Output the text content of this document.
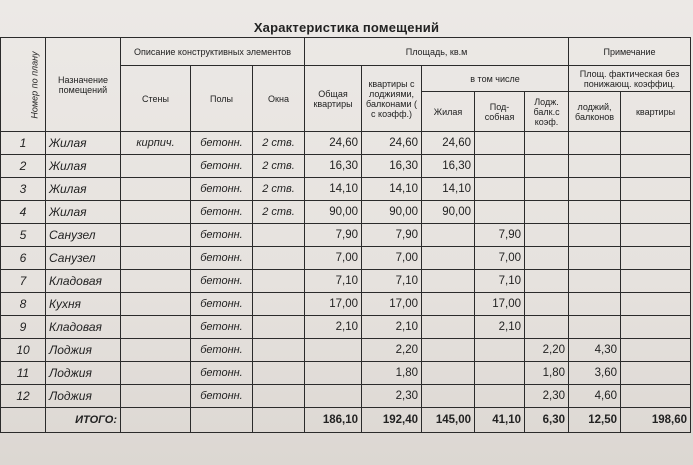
Характеристика помещений
Номер по плану	Назначение помещений	Описание конструктивных элементов			Площадь, кв.м					Примечание	
		Стены	Полы	Окна	Общая квартиры	квартиры с лоджиями, балконами ( с коэфф.)	в том числе			Площ. фактическая без понижающ. коэффиц.	
							Жилая	Под-собная	Лодж. балк.с коэф.	лоджий, балконов	квартиры
1	Жилая	кирпич.	бетонн.	2 ств.	24,60	24,60	24,60				
2	Жилая		бетонн.	2 ств.	16,30	16,30	16,30				
3	Жилая		бетонн.	2 ств.	14,10	14,10	14,10				
4	Жилая		бетонн.	2 ств.	90,00	90,00	90,00				
5	Санузел		бетонн.		7,90	7,90		7,90			
6	Санузел		бетонн.		7,00	7,00		7,00			
7	Кладовая		бетонн.		7,10	7,10		7,10			
8	Кухня		бетонн.		17,00	17,00		17,00			
9	Кладовая		бетонн.		2,10	2,10		2,10			
10	Лоджия		бетонн.			2,20			2,20	4,30	
11	Лоджия		бетонн.			1,80			1,80	3,60	
12	Лоджия		бетонн.			2,30			2,30	4,60	
	ИТОГО:				186,10	192,40	145,00	41,10	6,30	12,50	198,60
